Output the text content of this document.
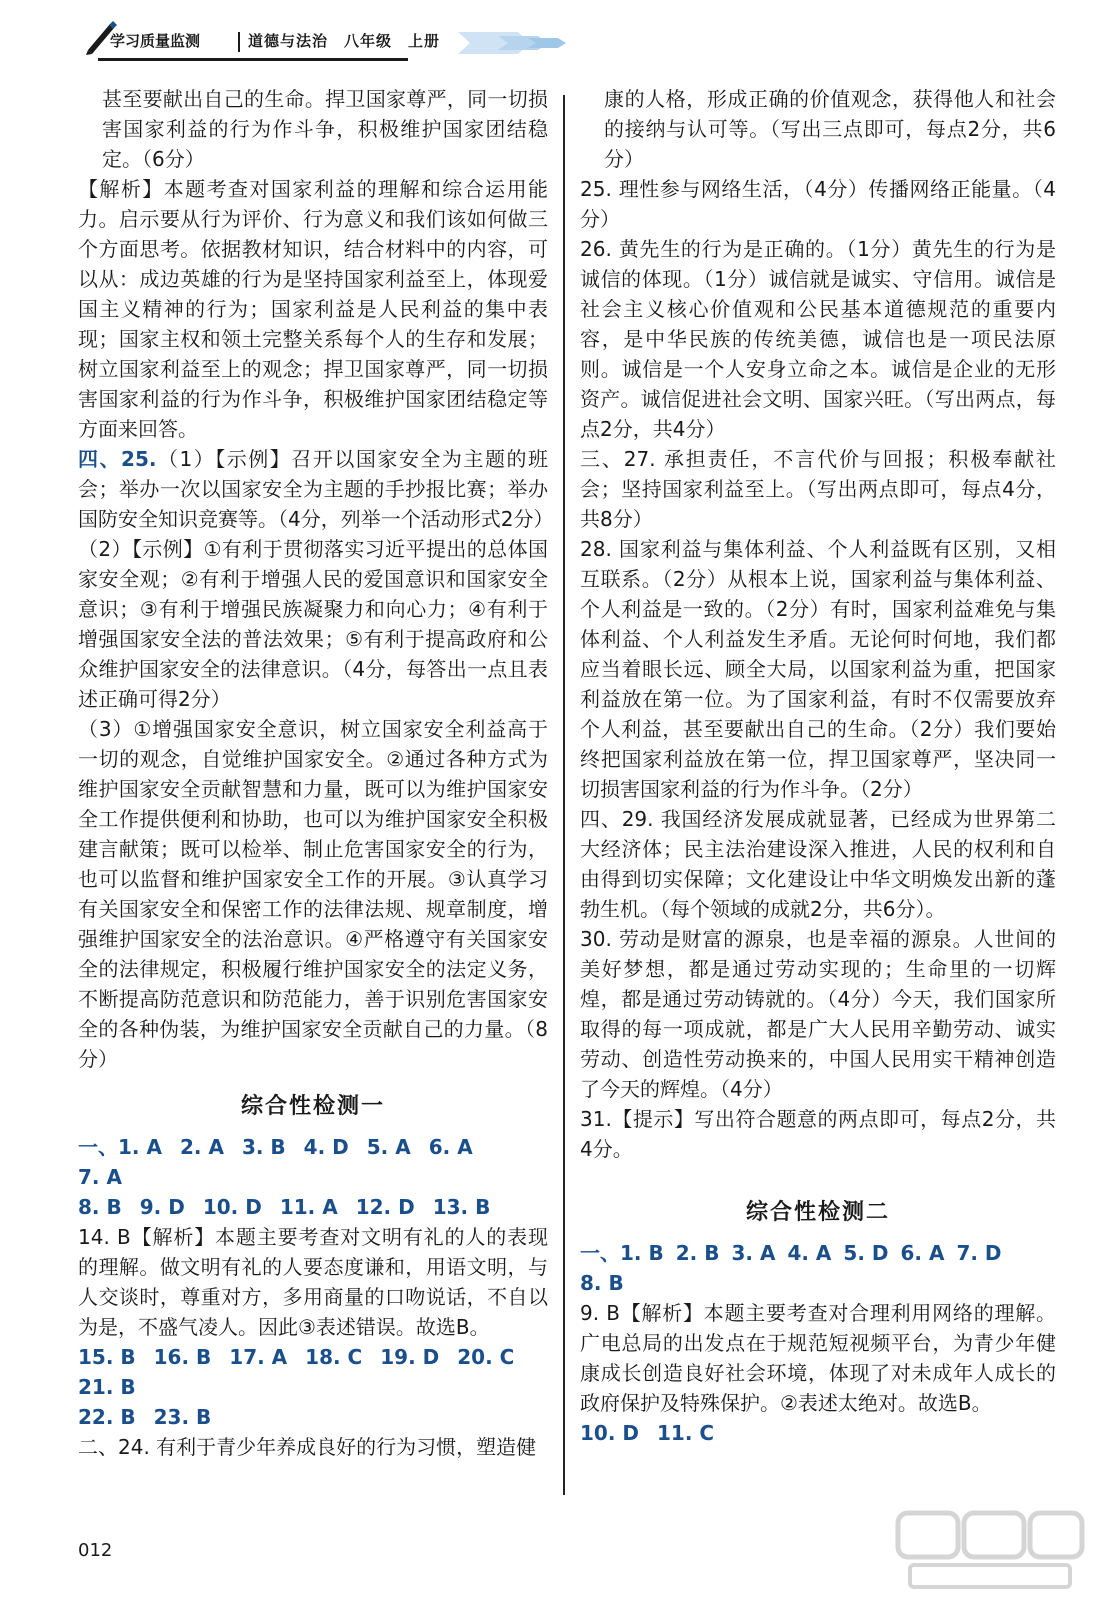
学习质量监测	道德与法治　八年级　上册

甚至要献出自己的生命。捍卫国家尊严，同一切损害国家利益的行为作斗争，积极维护国家团结稳定。（6分）

【解析】本题考查对国家利益的理解和综合运用能力。启示要从行为评价、行为意义和我们该如何做三个方面思考。依据教材知识，结合材料中的内容，可以从：成边英雄的行为是坚持国家利益至上，体现爱国主义精神的行为；国家利益是人民利益的集中表现；国家主权和领土完整关系每个人的生存和发展；树立国家利益至上的观念；捍卫国家尊严，同一切损害国家利益的行为作斗争，积极维护国家团结稳定等方面来回答。

四、25.（1）【示例】召开以国家安全为主题的班会；举办一次以国家安全为主题的手抄报比赛；举办国防安全知识竞赛等。（4分，列举一个活动形式2分）

（2）【示例】①有利于贯彻落实习近平提出的总体国家安全观；②有利于增强人民的爱国意识和国家安全意识；③有利于增强民族凝聚力和向心力；④有利于增强国家安全法的普法效果；⑤有利于提高政府和公众维护国家安全的法律意识。（4分，每答出一点且表述正确可得2分）

（3）①增强国家安全意识，树立国家安全利益高于一切的观念，自觉维护国家安全。②通过各种方式为维护国家安全贡献智慧和力量，既可以为维护国家安全工作提供便利和协助，也可以为维护国家安全积极建言献策；既可以检举、制止危害国家安全的行为，也可以监督和维护国家安全工作的开展。③认真学习有关国家安全和保密工作的法律法规、规章制度，增强维护国家安全的法治意识。④严格遵守有关国家安全的法律规定，积极履行维护国家安全的法定义务，不断提高防范意识和防范能力，善于识别危害国家安全的各种伪装，为维护国家安全贡献自己的力量。（8分）

综合性检测一

一、1. A 2. A 3. B 4. D 5. A 6. A
7. A
8. B 9. D 10. D 11. A 12. D 13. B

14. B【解析】本题主要考查对文明有礼的人的表现的理解。做文明有礼的人要态度谦和，用语文明，与人交谈时，尊重对方，多用商量的口吻说话，不自以为是，不盛气凌人。因此③表述错误。故选B。

15. B 16. B 17. A 18. C 19. D 20. C
21. B
22. B 23. B

二、24. 有利于青少年养成良好的行为习惯，塑造健

康的人格，形成正确的价值观念，获得他人和社会的接纳与认可等。（写出三点即可，每点2分，共6分）

25. 理性参与网络生活，（4分）传播网络正能量。（4分）

26. 黄先生的行为是正确的。（1分）黄先生的行为是诚信的体现。（1分）诚信就是诚实、守信用。诚信是社会主义核心价值观和公民基本道德规范的重要内容，是中华民族的传统美德，诚信也是一项民法原则。诚信是一个人安身立命之本。诚信是企业的无形资产。诚信促进社会文明、国家兴旺。（写出两点，每点2分，共4分）

三、27. 承担责任，不言代价与回报；积极奉献社会；坚持国家利益至上。（写出两点即可，每点4分，共8分）

28. 国家利益与集体利益、个人利益既有区别，又相互联系。（2分）从根本上说，国家利益与集体利益、个人利益是一致的。（2分）有时，国家利益难免与集体利益、个人利益发生矛盾。无论何时何地，我们都应当着眼长远、顾全大局，以国家利益为重，把国家利益放在第一位。为了国家利益，有时不仅需要放弃个人利益，甚至要献出自己的生命。（2分）我们要始终把国家利益放在第一位，捍卫国家尊严，坚决同一切损害国家利益的行为作斗争。（2分）

四、29. 我国经济发展成就显著，已经成为世界第二大经济体；民主法治建设深入推进，人民的权利和自由得到切实保障；文化建设让中华文明焕发出新的蓬勃生机。（每个领域的成就2分，共6分）。

30. 劳动是财富的源泉，也是幸福的源泉。人世间的美好梦想，都是通过劳动实现的；生命里的一切辉煌，都是通过劳动铸就的。（4分）今天，我们国家所取得的每一项成就，都是广大人民用辛勤劳动、诚实劳动、创造性劳动换来的，中国人民用实干精神创造了今天的辉煌。（4分）

31.【提示】写出符合题意的两点即可，每点2分，共4分。

综合性检测二

一、1. B 2. B 3. A 4. A 5. D 6. A 7. D
8. B

9. B【解析】本题主要考查对合理利用网络的理解。广电总局的出发点在于规范短视频平台，为青少年健康成长创造良好社会环境，体现了对未成年人成长的政府保护及特殊保护。②表述太绝对。故选B。

10. D 11. C
012
